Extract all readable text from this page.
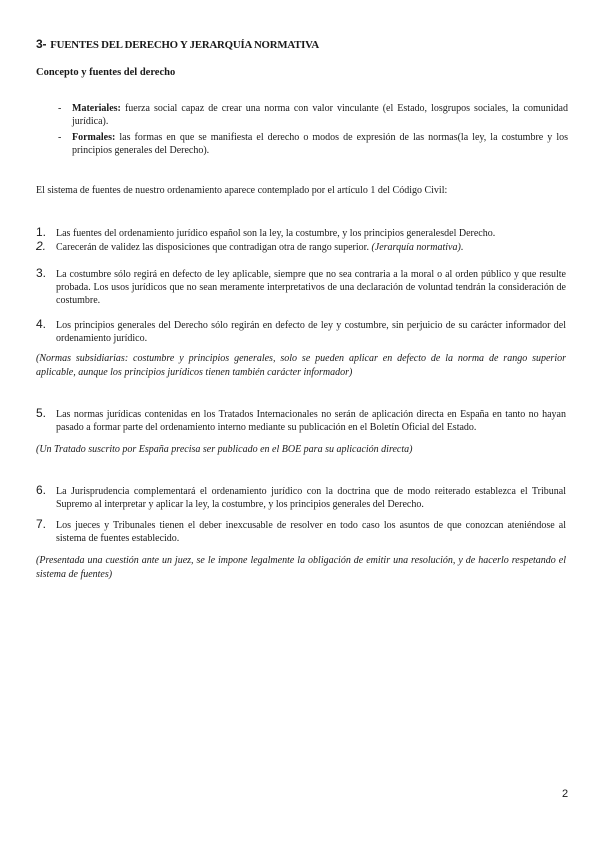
3- FUENTES DEL DERECHO Y JERARQUÍA NORMATIVA
Concepto y fuentes del derecho
- Materiales: fuerza social capaz de crear una norma con valor vinculante (el Estado, losgrupos sociales, la comunidad jurídica).
- Formales: las formas en que se manifiesta el derecho o modos de expresión de las normas(la ley, la costumbre y los principios generales del Derecho).
El sistema de fuentes de nuestro ordenamiento aparece contemplado por el artículo 1 del Código Civil:
1. Las fuentes del ordenamiento jurídico español son la ley, la costumbre, y los principios generalesdel Derecho.
2. Carecerán de validez las disposiciones que contradigan otra de rango superior. (Jerarquía normativa).
3. La costumbre sólo regirá en defecto de ley aplicable, siempre que no sea contraria a la moral o al orden público y que resulte probada. Los usos jurídicos que no sean meramente interpretativos de una declaración de voluntad tendrán la consideración de costumbre.
4. Los principios generales del Derecho sólo regirán en defecto de ley y costumbre, sin perjuicio de su carácter informador del ordenamiento jurídico.
(Normas subsidiarias: costumbre y principios generales, solo se pueden aplicar en defecto de la norma de rango superior aplicable, aunque los principios jurídicos tienen también carácter informador)
5. Las normas jurídicas contenidas en los Tratados Internacionales no serán de aplicación directa en España en tanto no hayan pasado a formar parte del ordenamiento interno mediante su publicación en el Boletín Oficial del Estado.
(Un Tratado suscrito por España precisa ser publicado en el BOE para su aplicación directa)
6. La Jurisprudencia complementará el ordenamiento jurídico con la doctrina que de modo reiterado establezca el Tribunal Supremo al interpretar y aplicar la ley, la costumbre, y los principios generales del Derecho.
7. Los jueces y Tribunales tienen el deber inexcusable de resolver en todo caso los asuntos de que conozcan ateniéndose al sistema de fuentes establecido.
(Presentada una cuestión ante un juez, se le impone legalmente la obligación de emitir una resolución, y de hacerlo respetando el sistema de fuentes)
2
